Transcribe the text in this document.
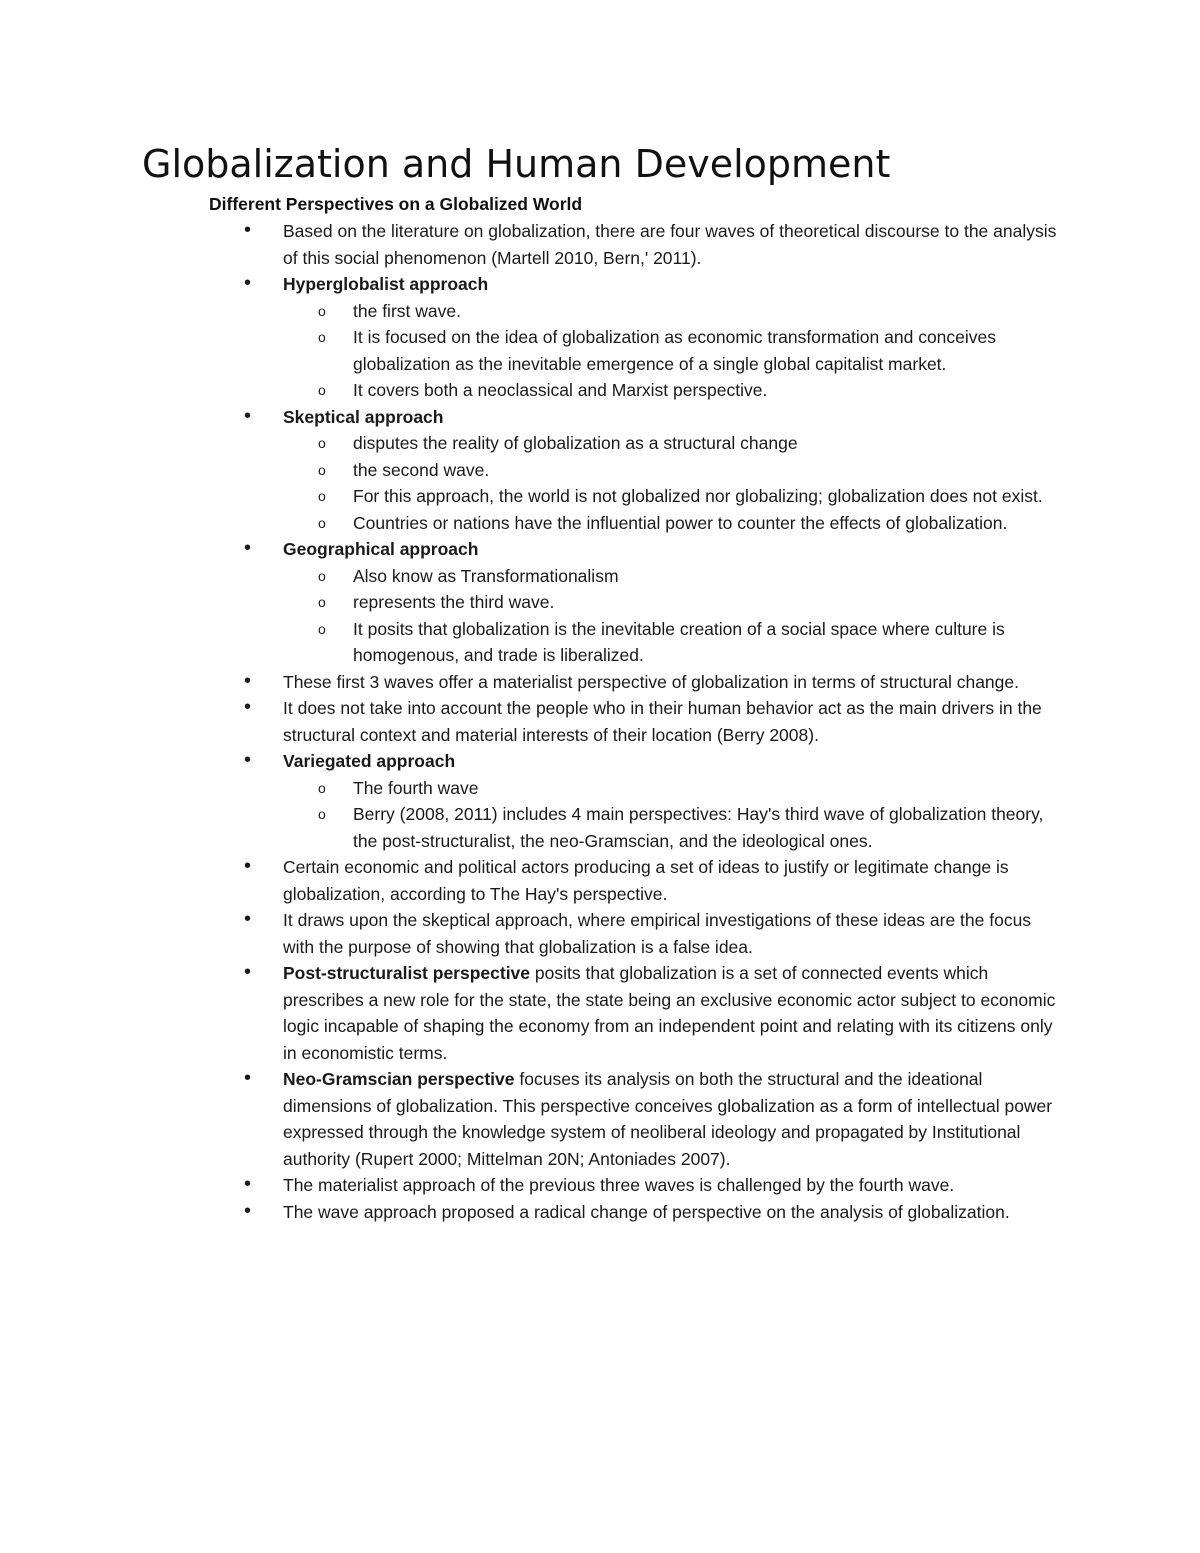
Globalization and Human Development
Different Perspectives on a Globalized World
• Based on the literature on globalization, there are four waves of theoretical discourse to the analysis of this social phenomenon (Martell 2010, Bern,' 2011).
• Hyperglobalist approach
o the first wave.
o It is focused on the idea of globalization as economic transformation and conceives globalization as the inevitable emergence of a single global capitalist market.
o It covers both a neoclassical and Marxist perspective.
• Skeptical approach
o disputes the reality of globalization as a structural change
o the second wave.
o For this approach, the world is not globalized nor globalizing; globalization does not exist.
o Countries or nations have the influential power to counter the effects of globalization.
• Geographical approach
o Also know as Transformationalism
o represents the third wave.
o It posits that globalization is the inevitable creation of a social space where culture is homogenous, and trade is liberalized.
• These first 3 waves offer a materialist perspective of globalization in terms of structural change.
• It does not take into account the people who in their human behavior act as the main drivers in the structural context and material interests of their location (Berry 2008).
• Variegated approach
o The fourth wave
o Berry (2008, 2011) includes 4 main perspectives: Hay's third wave of globalization theory, the post-structuralist, the neo-Gramscian, and the ideological ones.
• Certain economic and political actors producing a set of ideas to justify or legitimate change is globalization, according to The Hay's perspective.
• It draws upon the skeptical approach, where empirical investigations of these ideas are the focus with the purpose of showing that globalization is a false idea.
• Post-structuralist perspective posits that globalization is a set of connected events which prescribes a new role for the state, the state being an exclusive economic actor subject to economic logic incapable of shaping the economy from an independent point and relating with its citizens only in economistic terms.
• Neo-Gramscian perspective focuses its analysis on both the structural and the ideational dimensions of globalization. This perspective conceives globalization as a form of intellectual power expressed through the knowledge system of neoliberal ideology and propagated by Institutional authority (Rupert 2000; Mittelman 20N; Antoniades 2007).
• The materialist approach of the previous three waves is challenged by the fourth wave.
• The wave approach proposed a radical change of perspective on the analysis of globalization.
